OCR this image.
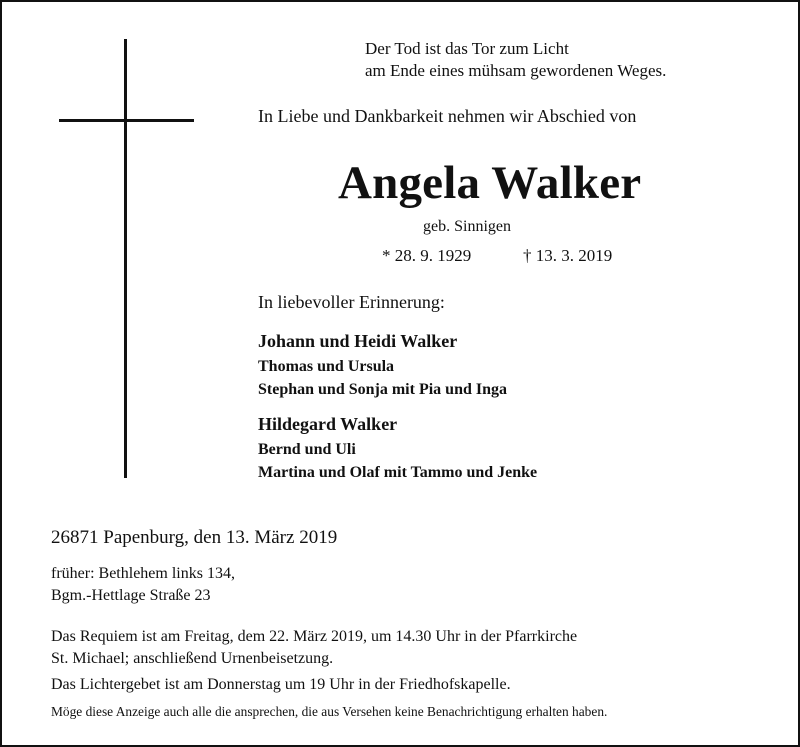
Der Tod ist das Tor zum Licht
am Ende eines mühsam gewordenen Weges.
In Liebe und Dankbarkeit nehmen wir Abschied von
Angela Walker
geb. Sinnigen
* 28. 9. 1929	† 13. 3. 2019
In liebevoller Erinnerung:
Johann und Heidi Walker
Thomas und Ursula
Stephan und Sonja mit Pia und Inga
Hildegard Walker
Bernd und Uli
Martina und Olaf mit Tammo und Jenke
26871 Papenburg, den 13. März 2019
früher: Bethlehem links 134,
Bgm.-Hettlage Straße 23
Das Requiem ist am Freitag, dem 22. März 2019, um 14.30 Uhr in der Pfarrkirche
St. Michael; anschließend Urnenbeisetzung.
Das Lichtergebet ist am Donnerstag um 19 Uhr in der Friedhofskapelle.
Möge diese Anzeige auch alle die ansprechen, die aus Versehen keine Benachrichtigung erhalten haben.
